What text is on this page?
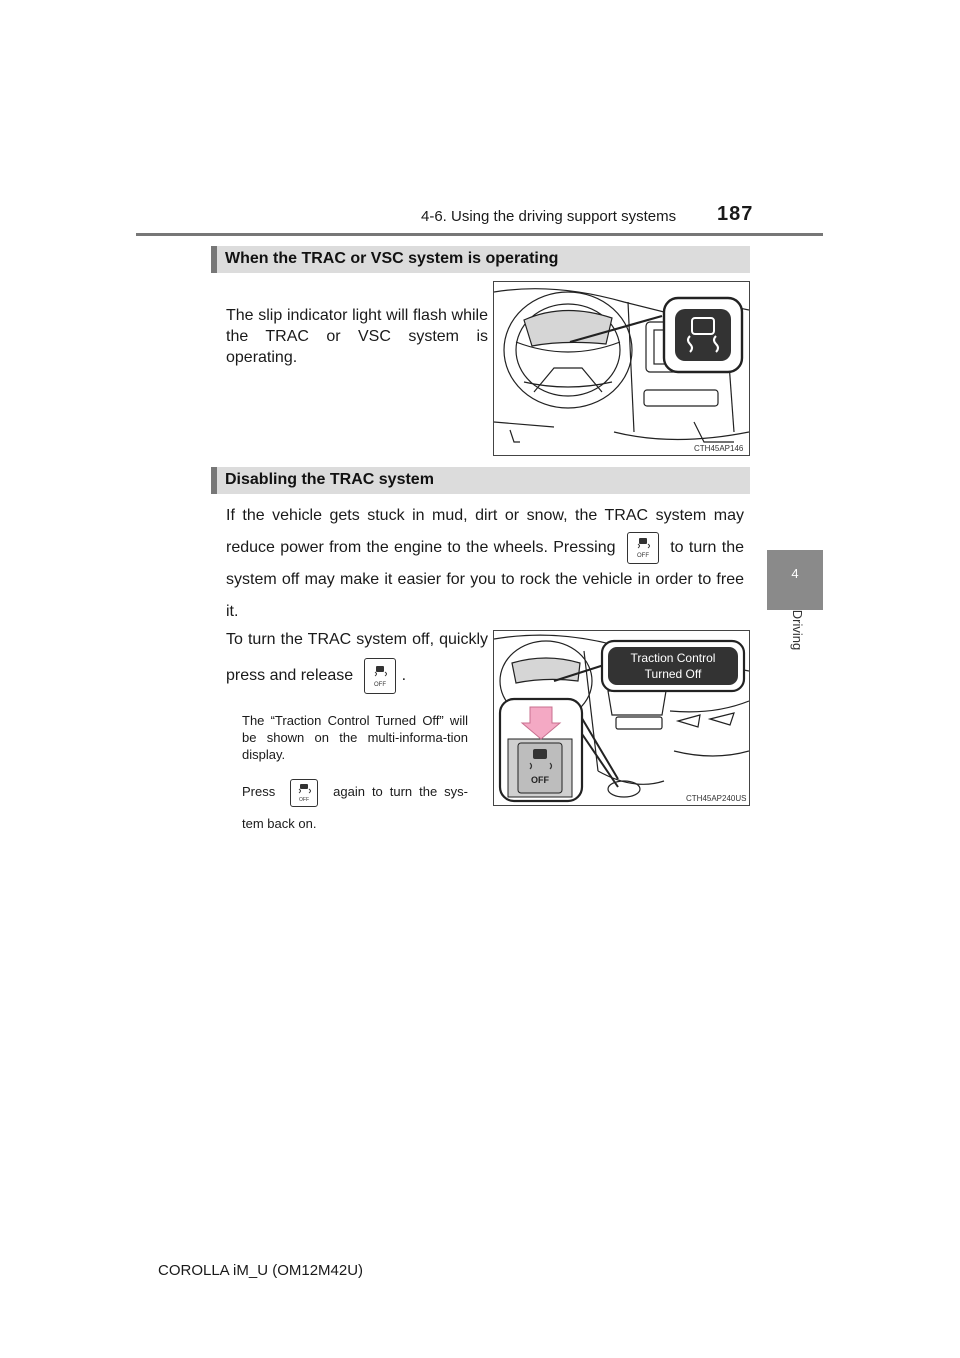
4-6. Using the driving support systems 187
4
Driving
When the TRAC or VSC system is operating
The slip indicator light will flash while the TRAC or VSC system is operating.
CTH45AP146
Disabling the TRAC system
If the vehicle gets stuck in mud, dirt or snow, the TRAC system may reduce power from the engine to the wheels. Pressing	OFF to turn the system off may make it easier for you to rock the vehicle in order to free it.
To turn the TRAC system off, quickly press and release
OFF
.
The “Traction Control Turned Off” will be shown on the multi-informa-tion display.
Press
OFF
again to turn the sys-tem back on.
Traction Control
Turned Off
OFF
CTH45AP240US
COROLLA iM_U (OM12M42U)
